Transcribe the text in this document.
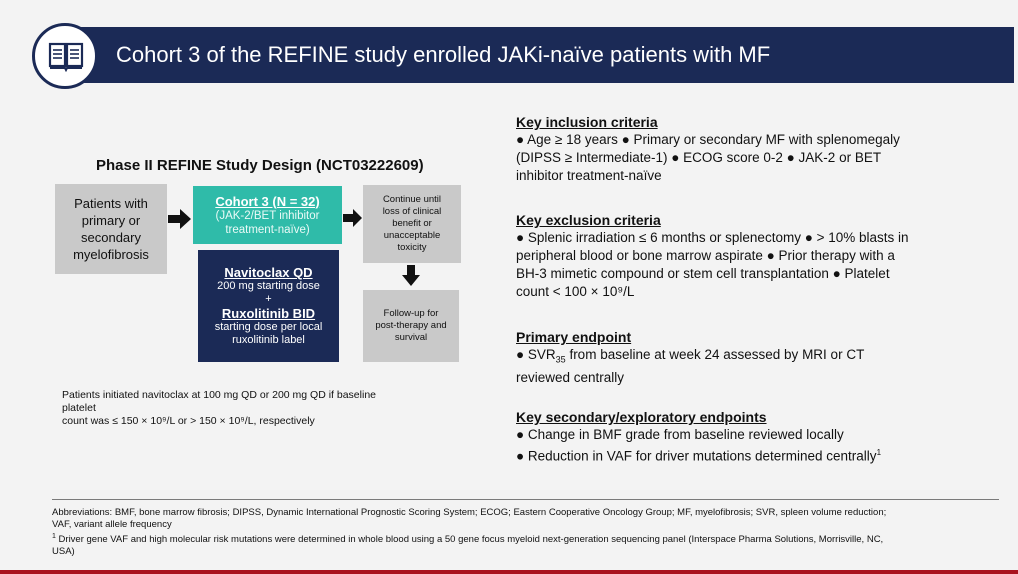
Cohort 3 of the REFINE study enrolled JAKi-naïve patients with MF
Phase II REFINE Study Design (NCT03222609)
Patients with
primary or
secondary
myelofibrosis
Cohort 3 (N = 32)
(JAK-2/BET inhibitor
treatment-naïve)
Navitoclax QD
200 mg starting dose
+
Ruxolitinib BID
starting dose per local
ruxolitinib label
Continue until
loss of clinical
benefit or
unacceptable
toxicity
Follow-up for
post-therapy and
survival
Patients initiated navitoclax at 100 mg QD or 200 mg QD if baseline platelet
count was ≤ 150 × 10⁹/L or > 150 × 10⁹/L, respectively
Key inclusion criteria
● Age ≥ 18 years ● Primary or secondary MF with splenomegaly
(DIPSS ≥ Intermediate-1) ● ECOG score 0-2 ● JAK-2 or BET
inhibitor treatment-naïve
Key exclusion criteria
● Splenic irradiation ≤ 6 months or splenectomy ● > 10% blasts in
peripheral blood or bone marrow aspirate ● Prior therapy with a
BH-3 mimetic compound or stem cell transplantation ● Platelet
count < 100 × 10⁹/L
Primary endpoint
● $SVR_{35}$ from baseline at week 24 assessed by MRI or CT
reviewed centrally
Key secondary/exploratory endpoints
● Change in BMF grade from baseline reviewed locally
● Reduction in VAF for driver mutations determined centrally$^1$
Abbreviations: BMF, bone marrow fibrosis; DIPSS, Dynamic International Prognostic Scoring System; ECOG; Eastern Cooperative Oncology Group; MF, myelofibrosis; SVR, spleen volume reduction;
VAF, variant allele frequency
$^1$ Driver gene VAF and high molecular risk mutations were determined in whole blood using a 50 gene focus myeloid next-generation sequencing panel (Interspace Pharma Solutions, Morrisville, NC,
USA)
